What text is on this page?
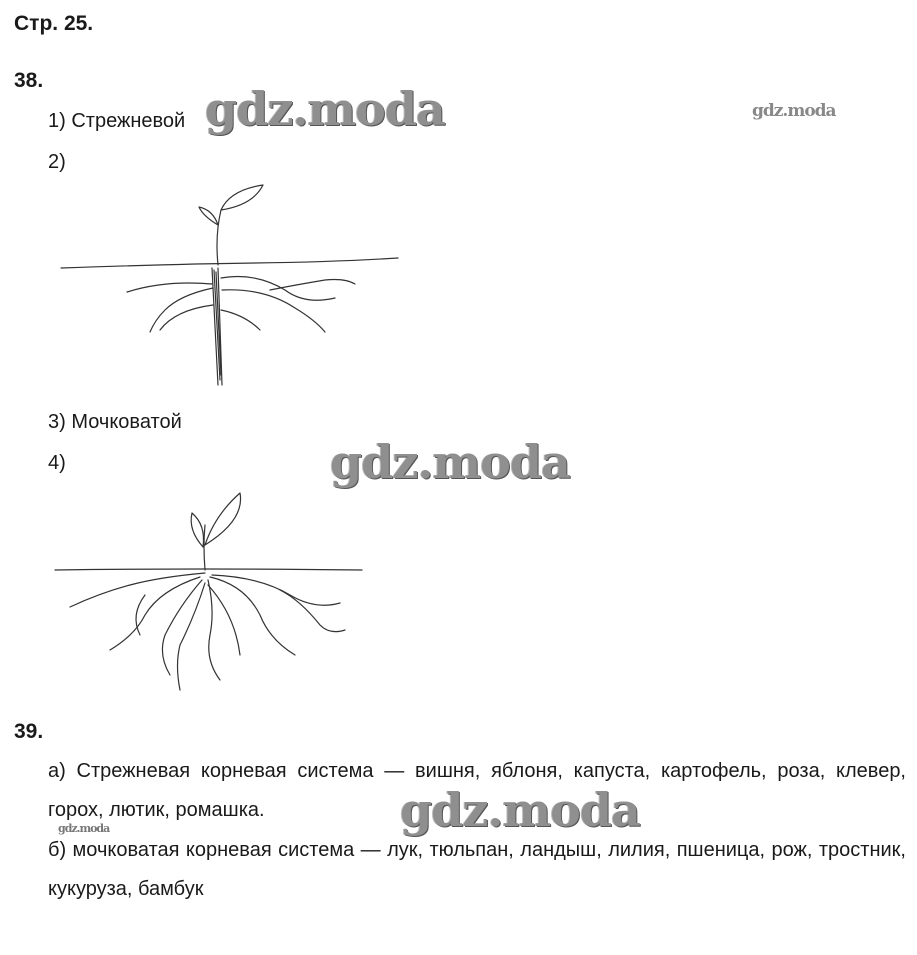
Стр. 25.
38.
1) Стрежневой gdz.moda	gdz.moda
2)
3) Мочковатой
gdz.moda
4)
39.
а) Стрежневая корневая система — вишня, яблоня, капуста, картофель, роза, клевер, горох, лютик, ромашка.	gdz.moda
gdz.moda
б) мочковатая корневая система — лук, тюльпан, ландыш, лилия, пшеница, рож, тростник, кукуруза, бамбук
